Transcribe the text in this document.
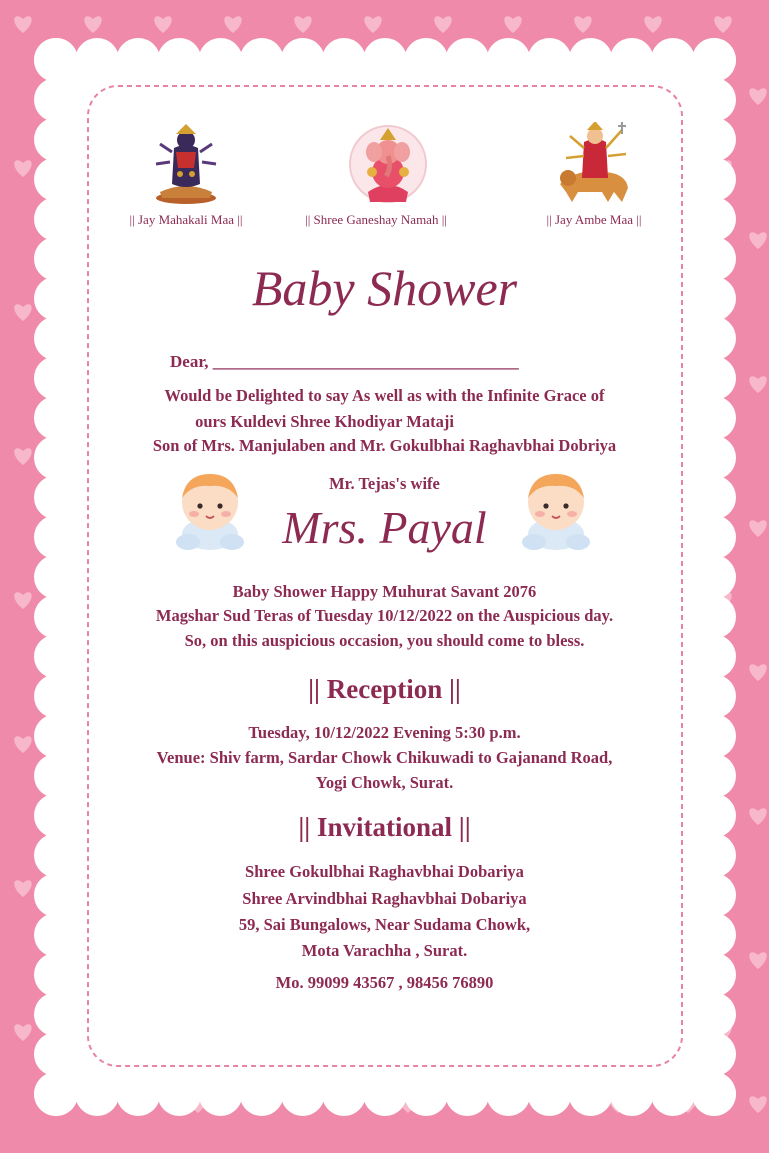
|| Jay Mahakali Maa ||	|| Shree Ganeshay Namah ||	|| Jay Ambe Maa ||
Baby Shower
Dear, ____________________________________
Would be Delighted to say As well as with the Infinite Grace of
ours Kuldevi Shree Khodiyar Mataji
Son of Mrs. Manjulaben and Mr. Gokulbhai Raghavbhai Dobriya
Mr. Tejas's wife
Mrs. Payal
Baby Shower Happy Muhurat Savant 2076
Magshar Sud Teras of Tuesday 10/12/2022 on the Auspicious day.
So, on this auspicious occasion, you should come to bless.
|| Reception ||
Tuesday, 10/12/2022 Evening 5:30 p.m.
Venue: Shiv farm, Sardar Chowk Chikuwadi to Gajanand Road,
Yogi Chowk, Surat.
|| Invitational ||
Shree Gokulbhai Raghavbhai Dobariya
Shree Arvindbhai Raghavbhai Dobariya
59, Sai Bungalows, Near Sudama Chowk,
Mota Varachha , Surat.
Mo. 99099 43567 , 98456 76890
